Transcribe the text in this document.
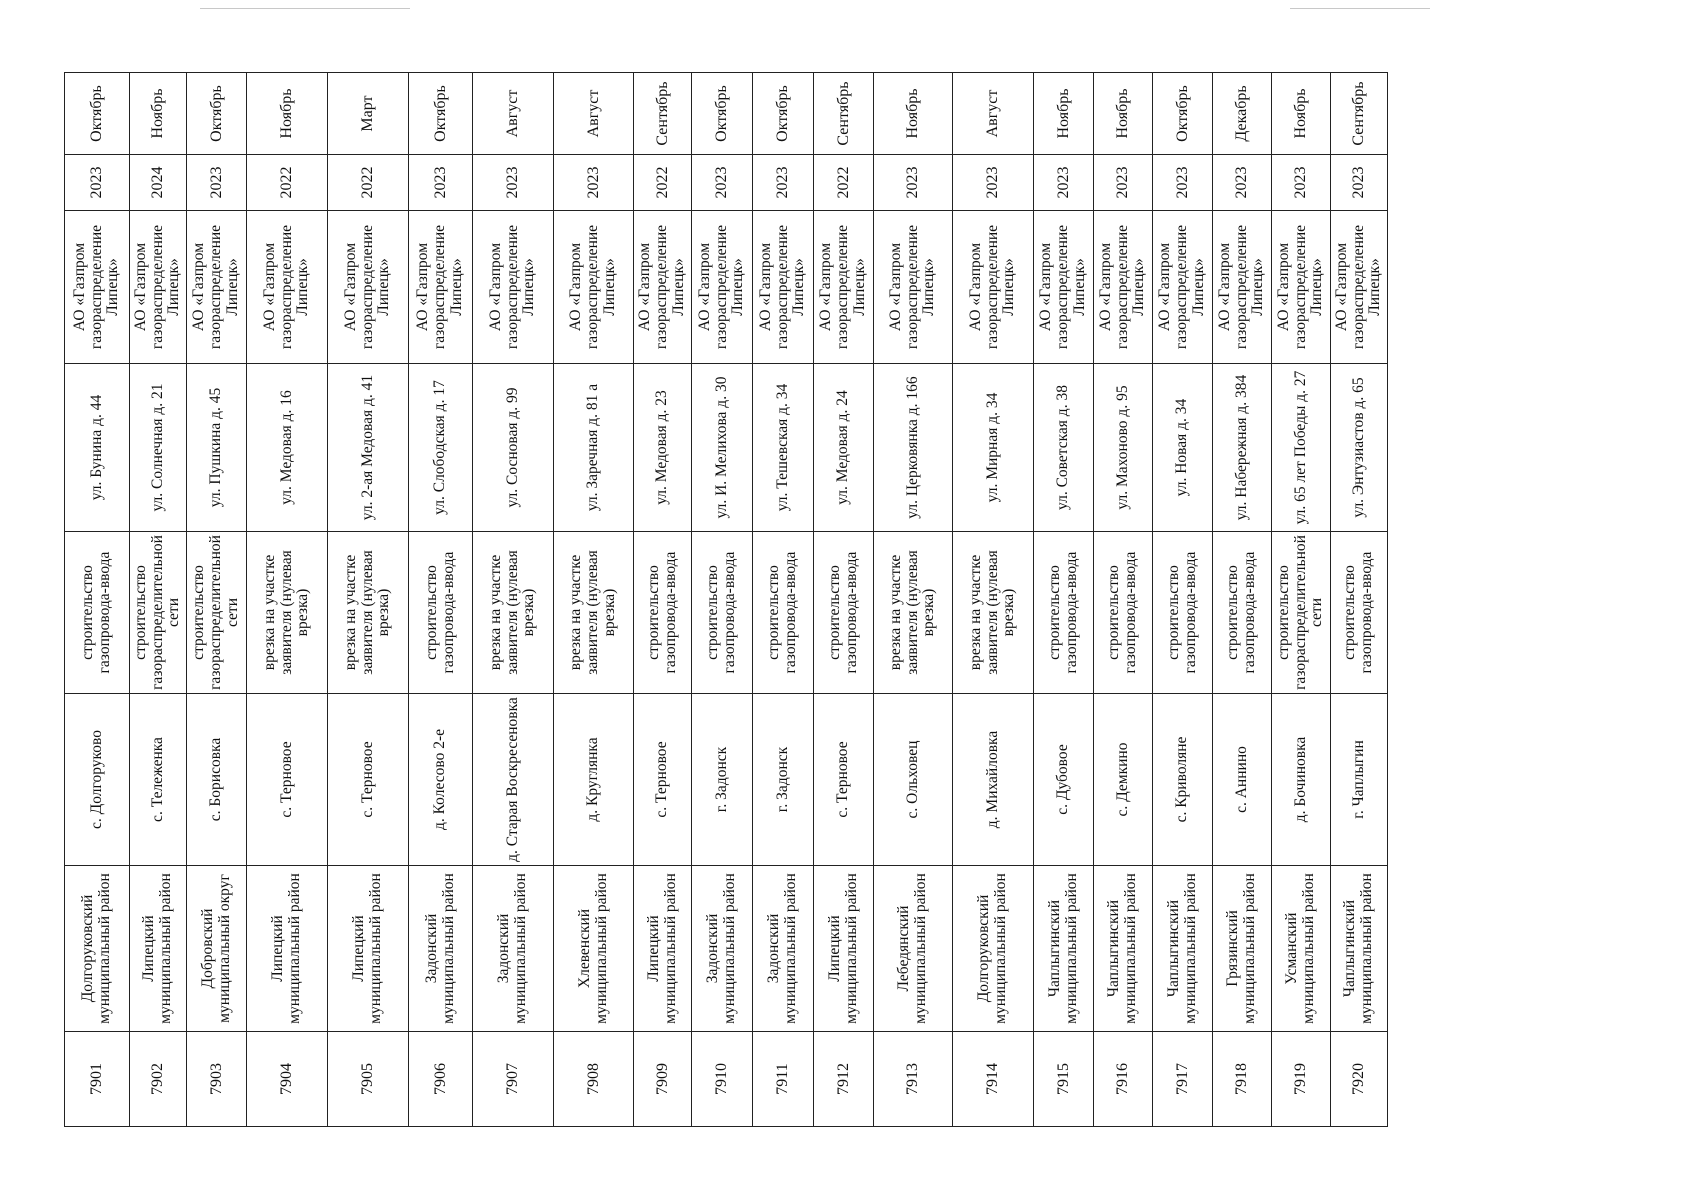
7901	Долгоруковский муниципальный район	с. Долгоруково	строительство газопровода-ввода	ул. Бунина д. 44	АО «Газпром газораспределение Липецк»	2023	Октябрь
7902	Липецкий муниципальный район	с. Тележенка	строительство газораспределительной сети	ул. Солнечная д. 21	АО «Газпром газораспределение Липецк»	2024	Ноябрь
7903	Добровский муниципальный округ	с. Борисовка	строительство газораспределительной сети	ул. Пушкина д. 45	АО «Газпром газораспределение Липецк»	2023	Октябрь
7904	Липецкий муниципальный район	с. Терновое	врезка на участке заявителя (нулевая врезка)	ул. Медовая д. 16	АО «Газпром газораспределение Липецк»	2022	Ноябрь
7905	Липецкий муниципальный район	с. Терновое	врезка на участке заявителя (нулевая врезка)	ул. 2-ая Медовая д. 41	АО «Газпром газораспределение Липецк»	2022	Март
7906	Задонский муниципальный район	д. Колесово 2-е	строительство газопровода-ввода	ул. Слободская д. 17	АО «Газпром газораспределение Липецк»	2023	Октябрь
7907	Задонский муниципальный район	д. Старая Воскресеновка	врезка на участке заявителя (нулевая врезка)	ул. Сосновая д. 99	АО «Газпром газораспределение Липецк»	2023	Август
7908	Хлевенский муниципальный район	д. Круглянка	врезка на участке заявителя (нулевая врезка)	ул. Заречная д. 81 а	АО «Газпром газораспределение Липецк»	2023	Август
7909	Липецкий муниципальный район	с. Терновое	строительство газопровода-ввода	ул. Медовая д. 23	АО «Газпром газораспределение Липецк»	2022	Сентябрь
7910	Задонский муниципальный район	г. Задонск	строительство газопровода-ввода	ул. И. Мелихова д. 30	АО «Газпром газораспределение Липецк»	2023	Октябрь
7911	Задонский муниципальный район	г. Задонск	строительство газопровода-ввода	ул. Тешевская д. 34	АО «Газпром газораспределение Липецк»	2023	Октябрь
7912	Липецкий муниципальный район	с. Терновое	строительство газопровода-ввода	ул. Медовая д. 24	АО «Газпром газораспределение Липецк»	2022	Сентябрь
7913	Лебедянский муниципальный район	с. Ольховец	врезка на участке заявителя (нулевая врезка)	ул. Церковянка д. 166	АО «Газпром газораспределение Липецк»	2023	Ноябрь
7914	Долгоруковский муниципальный район	д. Михайловка	врезка на участке заявителя (нулевая врезка)	ул. Мирная д. 34	АО «Газпром газораспределение Липецк»	2023	Август
7915	Чаплыгинский муниципальный район	с. Дубовое	строительство газопровода-ввода	ул. Советская д. 38	АО «Газпром газораспределение Липецк»	2023	Ноябрь
7916	Чаплыгинский муниципальный район	с. Демкино	строительство газопровода-ввода	ул. Махоново д. 95	АО «Газпром газораспределение Липецк»	2023	Ноябрь
7917	Чаплыгинский муниципальный район	с. Криволяне	строительство газопровода-ввода	ул. Новая д. 34	АО «Газпром газораспределение Липецк»	2023	Октябрь
7918	Грязинский муниципальный район	с. Аннино	строительство газопровода-ввода	ул. Набережная д. 384	АО «Газпром газораспределение Липецк»	2023	Декабрь
7919	Усманский муниципальный район	д. Бочиновка	строительство газораспределительной сети	ул. 65 лет Победы д. 27	АО «Газпром газораспределение Липецк»	2023	Ноябрь
7920	Чаплыгинский муниципальный район	г. Чаплыгин	строительство газопровода-ввода	ул. Энтузиастов д. 65	АО «Газпром газораспределение Липецк»	2023	Сентябрь
